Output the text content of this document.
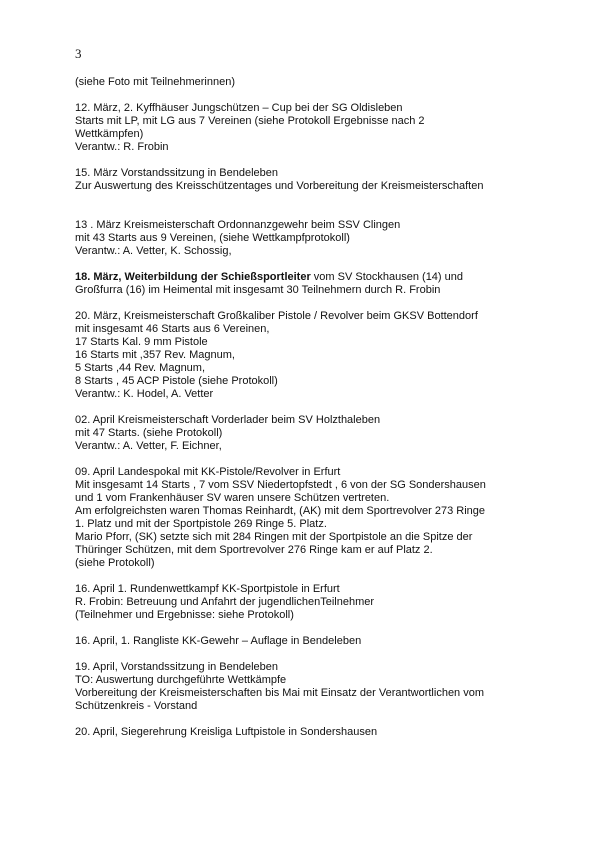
3
(siehe Foto mit Teilnehmerinnen)
12. März, 2. Kyffhäuser Jungschützen – Cup bei der SG Oldisleben
Starts mit LP, mit LG aus 7 Vereinen (siehe Protokoll Ergebnisse nach 2
Wettkämpfen)
Verantw.: R. Frobin
15. März Vorstandssitzung in Bendeleben
Zur Auswertung des Kreisschützentages und Vorbereitung der Kreismeisterschaften
13 . März Kreismeisterschaft Ordonnanzgewehr beim SSV Clingen
mit 43 Starts aus 9 Vereinen, (siehe Wettkampfprotokoll)
Verantw.: A. Vetter, K. Schossig,
18. März, Weiterbildung der Schießsportleiter vom SV Stockhausen (14) und
Großfurra (16) im Heimental mit insgesamt 30 Teilnehmern durch R. Frobin
20. März, Kreismeisterschaft Großkaliber Pistole / Revolver beim GKSV Bottendorf
mit insgesamt 46 Starts aus 6 Vereinen,
17 Starts Kal. 9 mm Pistole
16 Starts mit ,357 Rev. Magnum,
5 Starts ,44 Rev. Magnum,
8 Starts , 45 ACP Pistole (siehe Protokoll)
Verantw.: K. Hodel, A. Vetter
02. April Kreismeisterschaft Vorderlader beim SV Holzthaleben
mit 47 Starts. (siehe Protokoll)
Verantw.: A. Vetter, F. Eichner,
09. April Landespokal mit KK-Pistole/Revolver in Erfurt
Mit insgesamt 14 Starts , 7 vom SSV Niedertopfstedt , 6 von der SG Sondershausen
und 1 vom Frankenhäuser SV waren unsere Schützen vertreten.
Am erfolgreichsten waren Thomas Reinhardt, (AK) mit dem Sportrevolver 273 Ringe
1. Platz und mit der Sportpistole 269 Ringe 5. Platz.
Mario Pforr, (SK) setzte sich mit 284 Ringen mit der Sportpistole an die Spitze der
Thüringer Schützen, mit dem Sportrevolver 276 Ringe kam er auf Platz 2.
(siehe Protokoll)
16. April 1. Rundenwettkampf KK-Sportpistole in Erfurt
R. Frobin: Betreuung und Anfahrt der jugendlichenTeilnehmer
(Teilnehmer und Ergebnisse: siehe Protokoll)
16. April, 1. Rangliste KK-Gewehr – Auflage in Bendeleben
19. April, Vorstandssitzung in Bendeleben
TO: Auswertung durchgeführte Wettkämpfe
Vorbereitung der Kreismeisterschaften bis Mai mit Einsatz der Verantwortlichen vom
Schützenkreis - Vorstand
20. April, Siegerehrung Kreisliga Luftpistole in Sondershausen
